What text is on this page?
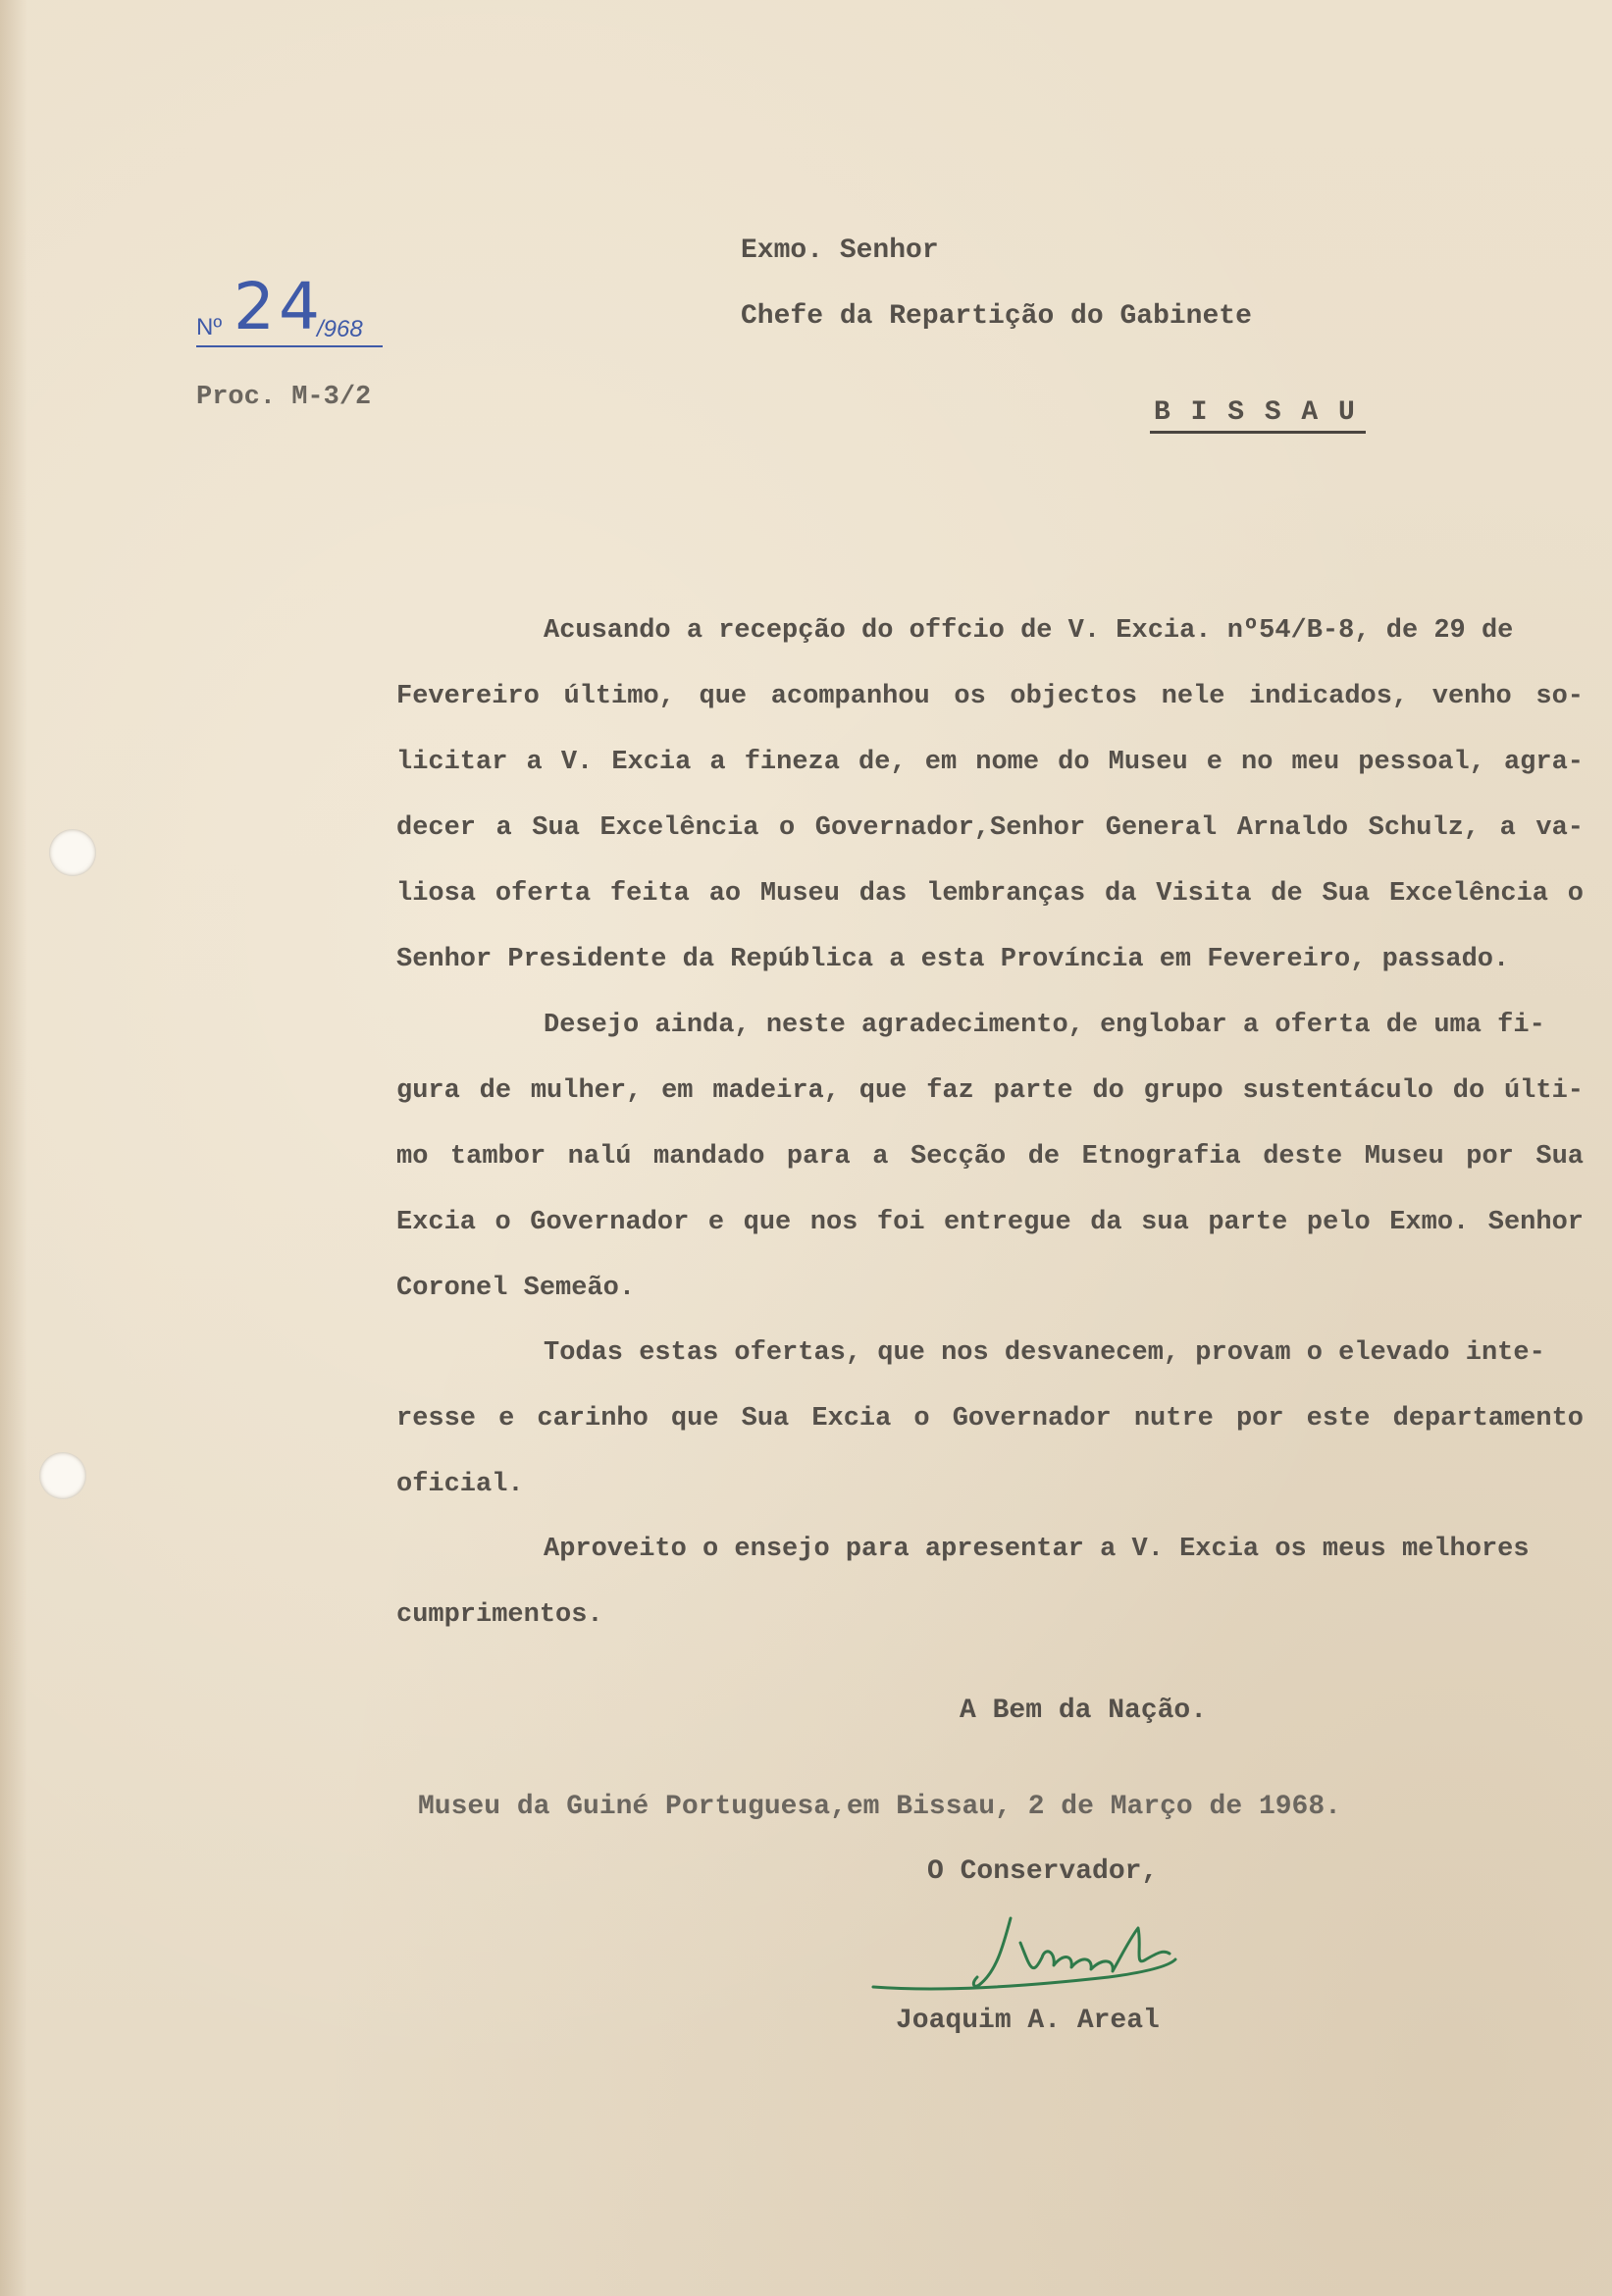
Nº 24
/968
Proc. M-3/2
Exmo. Senhor
Chefe da Repartição do Gabinete
B I S S A U
Acusando a recepção do offcio de V. Excia. nº54/B-8, de 29 de
Fevereiro último, que acompanhou os objectos nele indicados, venho so-
licitar a V. Excia a fineza de, em nome do Museu e no meu pessoal, agra-
decer a Sua Excelência o Governador,Senhor General Arnaldo Schulz, a va-
liosa oferta feita ao Museu das lembranças da Visita de Sua Excelência o
Senhor Presidente da República a esta Província em Fevereiro, passado.
Desejo ainda, neste agradecimento, englobar a oferta de uma fi-
gura de mulher, em madeira, que faz parte do grupo sustentáculo do últi-
mo tambor nalú mandado para a Secção de Etnografia deste Museu por Sua
Excia o Governador e que nos foi entregue da sua parte pelo Exmo. Senhor
Coronel Semeão.
Todas estas ofertas, que nos desvanecem, provam o elevado inte-
resse e carinho que Sua Excia o Governador nutre por este departamento
oficial.
Aproveito o ensejo para apresentar a V. Excia os meus melhores
cumprimentos.
A Bem da Nação.
Museu da Guiné Portuguesa,em Bissau, 2 de Março de 1968.
O Conservador,
Joaquim A. Areal
